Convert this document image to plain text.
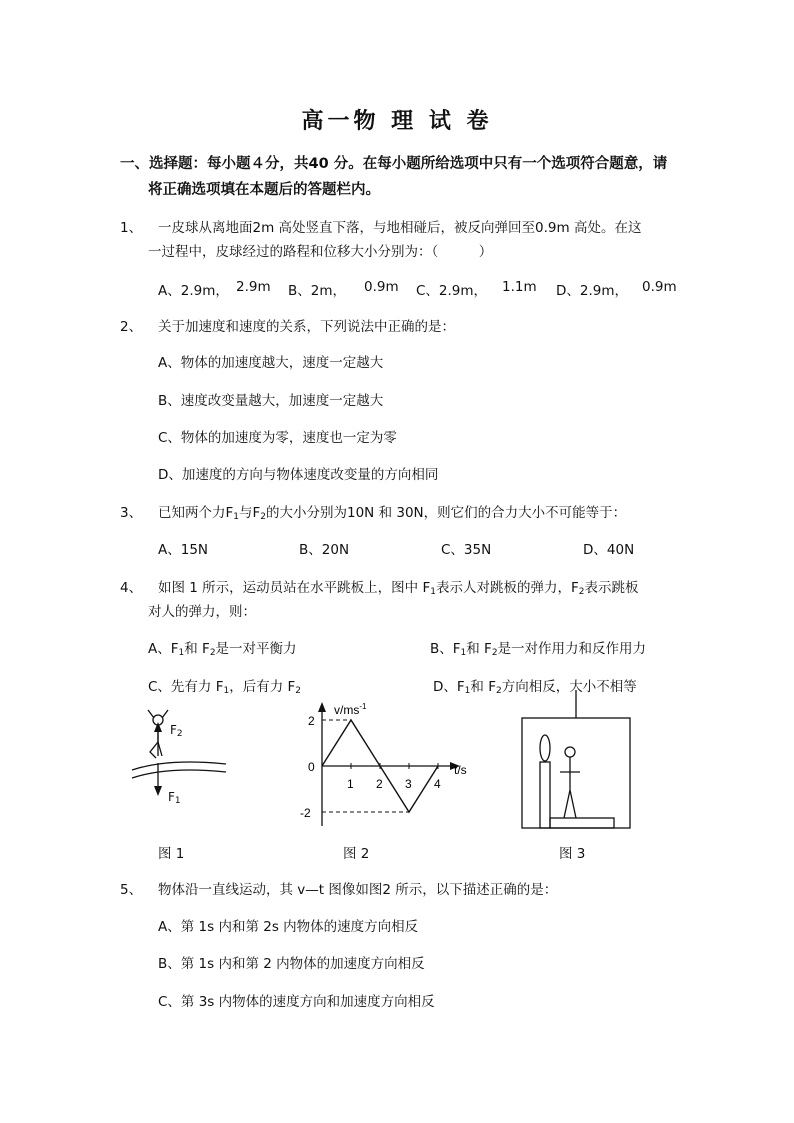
高一物 理 试 卷
一、选择题：每小题４分，共40 分。在每小题所给选项中只有一个选项符合题意，请
将正确选项填在本题后的答题栏内。
1、 一皮球从离地面2m 高处竖直下落，与地相碰后，被反向弹回至0.9m 高处。在这
一过程中，皮球经过的路程和位移大小分别为：（　　　）
A、2.9m， 2.9m B、2m， 0.9m C、2.9m， 1.1m D、2.9m， 0.9m
2、 关于加速度和速度的关系，下列说法中正确的是：
A、物体的加速度越大，速度一定越大
B、速度改变量越大，加速度一定越大
C、物体的加速度为零，速度也一定为零
D、加速度的方向与物体速度改变量的方向相同
3、 已知两个力$F_1$与$F_2$的大小分别为10N 和 30N，则它们的合力大小不可能等于：
A、15N	B、20N	C、35N	D、40N
4、 如图 1 所示，运动员站在水平跳板上，图中 $F_1$表示人对跳板的弹力，$F_2$表示跳板
对人的弹力，则：
A、$F_1$和 $F_2$是一对平衡力	B、$F_1$和 $F_2$是一对作用力和反作用力
C、先有力 $F_1$，后有力 $F_2$	D、$F_1$和 $F_2$方向相反，大小不相等
$F_2$
$F_1$
图 1
1 2 3 4
2
0
-2
$v/ms^{-1}$
t/s
图 2	图 3
5、 物体沿一直线运动，其 v—t 图像如图2 所示，以下描述正确的是：
A、第 1s 内和第 2s 内物体的速度方向相反
B、第 1s 内和第 2 内物体的加速度方向相反
C、第 3s 内物体的速度方向和加速度方向相反
